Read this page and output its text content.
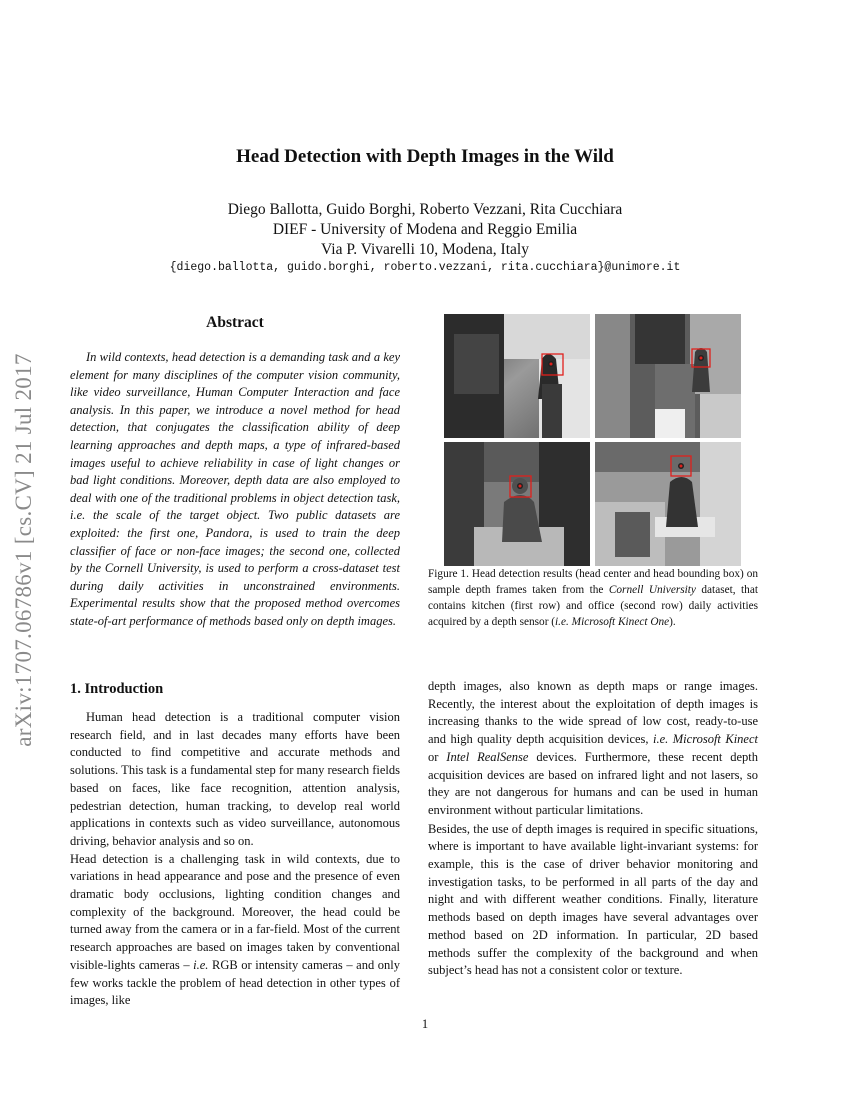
arXiv:1707.06786v1 [cs.CV] 21 Jul 2017
Head Detection with Depth Images in the Wild
Diego Ballotta, Guido Borghi, Roberto Vezzani, Rita Cucchiara
DIEF - University of Modena and Reggio Emilia
Via P. Vivarelli 10, Modena, Italy
{diego.ballotta, guido.borghi, roberto.vezzani, rita.cucchiara}@unimore.it
Abstract

In wild contexts, head detection is a demanding task and a key element for many disciplines of the computer vision community, like video surveillance, Human Computer Interaction and face analysis. In this paper, we introduce a novel method for head detection, that conjugates the classification ability of deep learning approaches and depth maps, a type of infrared-based images useful to achieve reliability in case of light changes or bad light conditions. Moreover, depth data are also employed to deal with one of the traditional problems in object detection task, i.e. the scale of the target object. Two public datasets are exploited: the first one, Pandora, is used to train the deep classifier of face or non-face images; the second one, collected by the Cornell University, is used to perform a cross-dataset test during daily activities in unconstrained environments. Experimental results show that the proposed method overcomes state-of-art performance of methods based only on depth images.

Figure 1. Head detection results (head center and head bounding box) on sample depth frames taken from the Cornell University dataset, that contains kitchen (first row) and office (second row) daily activities acquired by a depth sensor (i.e. Microsoft Kinect One).
1. Introduction

Human head detection is a traditional computer vision research field, and in last decades many efforts have been conducted to find competitive and accurate methods and solutions. This task is a fundamental step for many research fields based on faces, like face recognition, attention analysis, pedestrian detection, human tracking, to develop real world applications in contexts such as video surveillance, autonomous driving, behavior analysis and so on.

Head detection is a challenging task in wild contexts, due to variations in head appearance and pose and the presence of even dramatic body occlusions, lighting condition changes and complexity of the background. Moreover, the head could be turned away from the camera or in a far-field. Most of the current research approaches are based on images taken by conventional visible-lights cameras – i.e. RGB or intensity cameras – and only few works tackle the problem of head detection in other types of images, like

depth images, also known as depth maps or range images. Recently, the interest about the exploitation of depth images is increasing thanks to the wide spread of low cost, ready-to-use and high quality depth acquisition devices, i.e. Microsoft Kinect or Intel RealSense devices. Furthermore, these recent depth acquisition devices are based on infrared light and not lasers, so they are not dangerous for humans and can be used in human environment without particular limitations.

Besides, the use of depth images is required in specific situations, where is important to have available light-invariant systems: for example, this is the case of driver behavior monitoring and investigation tasks, to be performed in all parts of the day and night and with different weather conditions. Finally, literature methods based on depth images have several advantages over method based on 2D information. In particular, 2D based methods suffer the complexity of the background and when subject’s head has not a consistent color or texture.

1
